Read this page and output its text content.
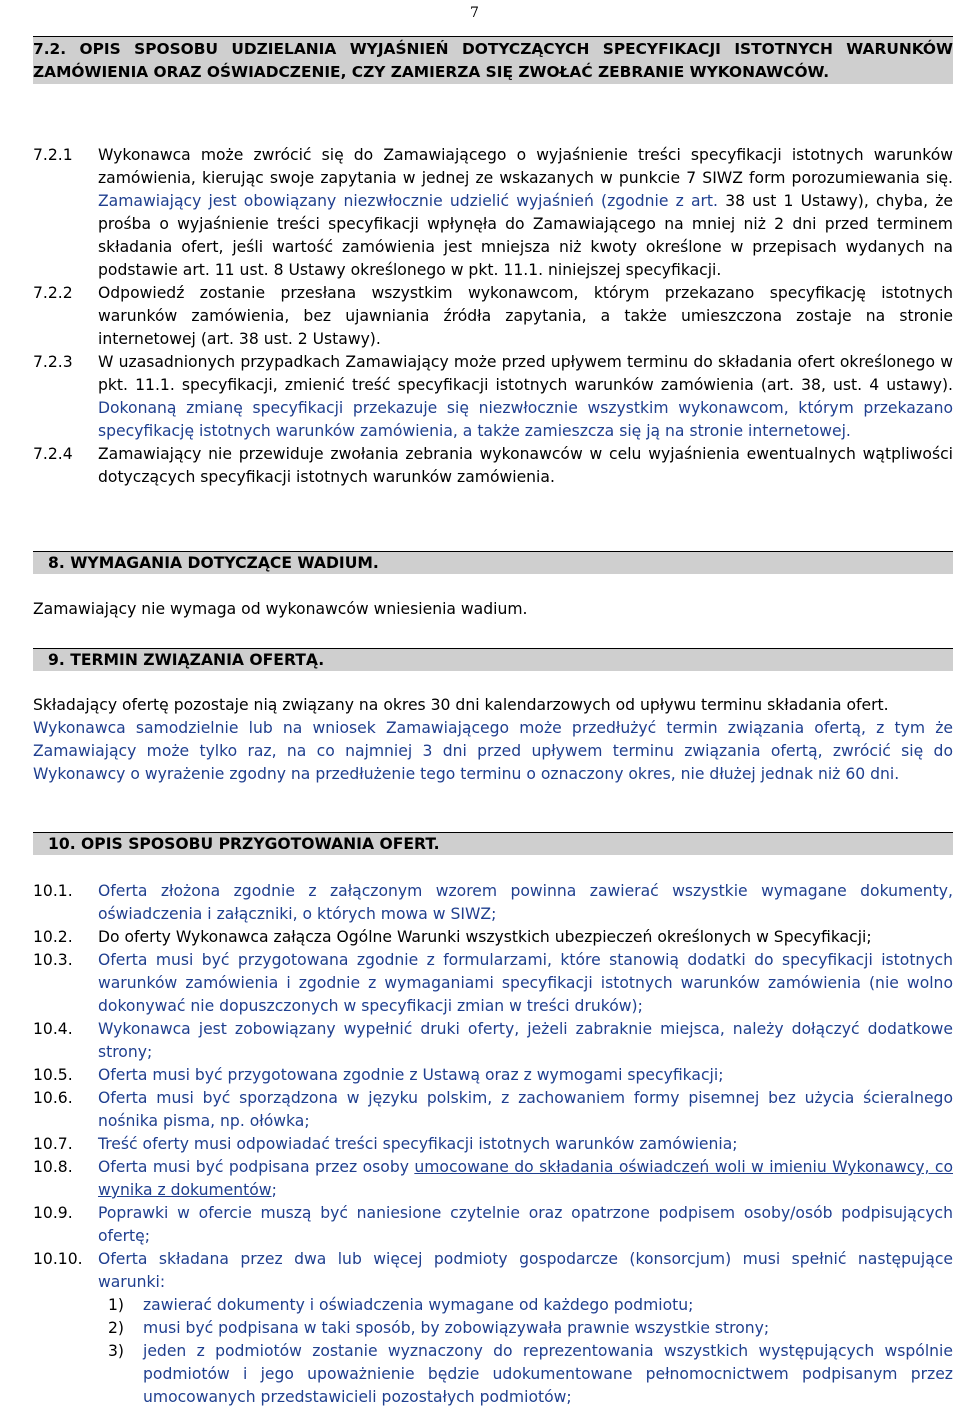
7
7.2. OPIS SPOSOBU UDZIELANIA WYJAŚNIEŃ DOTYCZĄCYCH SPECYFIKACJI ISTOTNYCH WARUNKÓW ZAMÓWIENIA ORAZ OŚWIADCZENIE, CZY ZAMIERZA SIĘ ZWOŁAĆ ZEBRANIE WYKONAWCÓW.
7.2.1 Wykonawca może zwrócić się do Zamawiającego o wyjaśnienie treści specyfikacji istotnych warunków zamówienia, kierując swoje zapytania w jednej ze wskazanych w punkcie 7 SIWZ form porozumiewania się. Zamawiający jest obowiązany niezwłocznie udzielić wyjaśnień (zgodnie z art. 38 ust 1 Ustawy), chyba, że prośba o wyjaśnienie treści specyfikacji wpłynęła do Zamawiającego na mniej niż 2 dni przed terminem składania ofert, jeśli wartość zamówienia jest mniejsza niż kwoty określone w przepisach wydanych na podstawie art. 11 ust. 8 Ustawy określonego w pkt. 11.1. niniejszej specyfikacji.
7.2.2 Odpowiedź zostanie przesłana wszystkim wykonawcom, którym przekazano specyfikację istotnych warunków zamówienia, bez ujawniania źródła zapytania, a także umieszczona zostaje na stronie internetowej (art. 38 ust. 2 Ustawy).
7.2.3 W uzasadnionych przypadkach Zamawiający może przed upływem terminu do składania ofert określonego w pkt. 11.1. specyfikacji, zmienić treść specyfikacji istotnych warunków zamówienia (art. 38, ust. 4 ustawy). Dokonaną zmianę specyfikacji przekazuje się niezwłocznie wszystkim wykonawcom, którym przekazano specyfikację istotnych warunków zamówienia, a także zamieszcza się ją na stronie internetowej.
7.2.4 Zamawiający nie przewiduje zwołania zebrania wykonawców w celu wyjaśnienia ewentualnych wątpliwości dotyczących specyfikacji istotnych warunków zamówienia.
8. WYMAGANIA DOTYCZĄCE WADIUM.
Zamawiający nie wymaga od wykonawców wniesienia wadium.
9. TERMIN ZWIĄZANIA OFERTĄ.
Składający ofertę pozostaje nią związany na okres 30 dni kalendarzowych od upływu terminu składania ofert.
Wykonawca samodzielnie lub na wniosek Zamawiającego może przedłużyć termin związania ofertą, z tym że Zamawiający może tylko raz, na co najmniej 3 dni przed upływem terminu związania ofertą, zwrócić się do Wykonawcy o wyrażenie zgodny na przedłużenie tego terminu o oznaczony okres, nie dłużej jednak niż 60 dni.
10. OPIS SPOSOBU PRZYGOTOWANIA OFERT.
10.1. Oferta złożona zgodnie z załączonym wzorem powinna zawierać wszystkie wymagane dokumenty, oświadczenia i załączniki, o których mowa w SIWZ;
10.2. Do oferty Wykonawca załącza Ogólne Warunki wszystkich ubezpieczeń określonych w Specyfikacji;
10.3. Oferta musi być przygotowana zgodnie z formularzami, które stanowią dodatki do specyfikacji istotnych warunków zamówienia i zgodnie z wymaganiami specyfikacji istotnych warunków zamówienia (nie wolno dokonywać nie dopuszczonych w specyfikacji zmian w treści druków);
10.4. Wykonawca jest zobowiązany wypełnić druki oferty, jeżeli zabraknie miejsca, należy dołączyć dodatkowe strony;
10.5. Oferta musi być przygotowana zgodnie z Ustawą oraz z wymogami specyfikacji;
10.6. Oferta musi być sporządzona w języku polskim, z zachowaniem formy pisemnej bez użycia ścieralnego nośnika pisma, np. ołówka;
10.7. Treść oferty musi odpowiadać treści specyfikacji istotnych warunków zamówienia;
10.8. Oferta musi być podpisana przez osoby umocowane do składania oświadczeń woli w imieniu Wykonawcy, co wynika z dokumentów;
10.9. Poprawki w ofercie muszą być naniesione czytelnie oraz opatrzone podpisem osoby/osób podpisujących ofertę;
10.10. Oferta składana przez dwa lub więcej podmioty gospodarcze (konsorcjum) musi spełnić następujące warunki:
1) zawierać dokumenty i oświadczenia wymagane od każdego podmiotu;
2) musi być podpisana w taki sposób, by zobowiązywała prawnie wszystkie strony;
3) jeden z podmiotów zostanie wyznaczony do reprezentowania wszystkich występujących wspólnie podmiotów i jego upoważnienie będzie udokumentowane pełnomocnictwem podpisanym przez umocowanych przedstawicieli pozostałych podmiotów;
